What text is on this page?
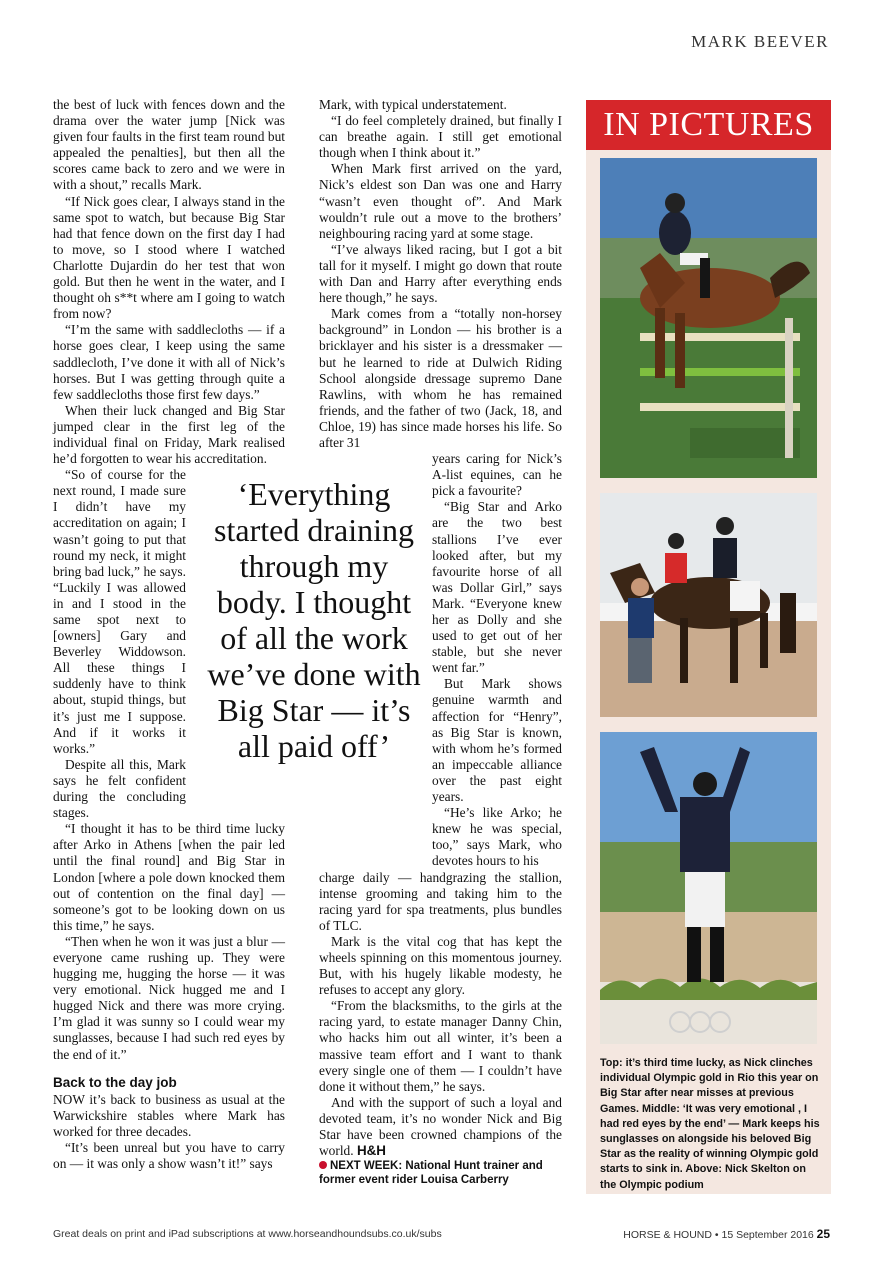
MARK BEEVER

the best of luck with fences down and the drama over the water jump [Nick was given four faults in the first team round but appealed the penalties], but then all the scores came back to zero and we were in with a shout,” recalls Mark.

“If Nick goes clear, I always stand in the same spot to watch, but because Big Star had that fence down on the first day I had to move, so I stood where I watched Charlotte Dujardin do her test that won gold. But then he went in the water, and I thought oh s**t where am I going to watch from now?

“I’m the same with saddlecloths — if a horse goes clear, I keep using the same saddlecloth, I’ve done it with all of Nick’s horses. But I was getting through quite a few saddlecloths those first few days.”

When their luck changed and Big Star jumped clear in the first leg of the individual final on Friday, Mark realised he’d forgotten to wear his accreditation.

“So of course for the next round, I made sure I didn’t have my accreditation on again; I wasn’t going to put that round my neck, it might bring bad luck,” he says. “Luckily I was allowed in and I stood in the same spot next to [owners] Gary and Beverley Widdowson. All these things I suddenly have to think about, stupid things, but it’s just me I suppose. And if it works it works.”

Despite all this, Mark says he felt confident during the concluding stages.

“I thought it has to be third time lucky after Arko in Athens [when the pair led until the final round] and Big Star in London [where a pole down knocked them out of contention on the final day] — someone’s got to be looking down on us this time,” he says.

“Then when he won it was just a blur — everyone came rushing up. They were hugging me, hugging the horse — it was very emotional. Nick hugged me and I hugged Nick and there was more crying. I’m glad it was sunny so I could wear my sunglasses, because I had such red eyes by the end of it.”

Back to the day job

NOW it’s back to business as usual at the Warwickshire stables where Mark has worked for three decades.

“It’s been unreal but you have to carry on — it was only a show wasn’t it!” says

‘Everything started draining through my body. I thought of all the work we’ve done with Big Star — it’s all paid off’

Mark, with typical understatement.

“I do feel completely drained, but finally I can breathe again. I still get emotional though when I think about it.”

When Mark first arrived on the yard, Nick’s eldest son Dan was one and Harry “wasn’t even thought of”. And Mark wouldn’t rule out a move to the brothers’ neighbouring racing yard at some stage.

“I’ve always liked racing, but I got a bit tall for it myself. I might go down that route with Dan and Harry after everything ends here though,” he says.

Mark comes from a “totally non-horsey background” in London — his brother is a bricklayer and his sister is a dressmaker — but he learned to ride at Dulwich Riding School alongside dressage supremo Dane Rawlins, with whom he has remained friends, and the father of two (Jack, 18, and Chloe, 19) has since made horses his life. So after 31

years caring for Nick’s A-list equines, can he pick a favourite?

“Big Star and Arko are the two best stallions I’ve ever looked after, but my favourite horse of all was Dollar Girl,” says Mark. “Everyone knew her as Dolly and she used to get out of her stable, but she never went far.”

But Mark shows genuine warmth and affection for “Henry”, as Big Star is known, with whom he’s formed an impeccable alliance over the past eight years.

“He’s like Arko; he knew he was special, too,” says Mark, who devotes hours to his

charge daily — handgrazing the stallion, intense grooming and taking him to the racing yard for spa treatments, plus bundles of TLC.

Mark is the vital cog that has kept the wheels spinning on this momentous journey. But, with his hugely likable modesty, he refuses to accept any glory.

“From the blacksmiths, to the girls at the racing yard, to estate manager Danny Chin, who hacks him out all winter, it’s been a massive team effort and I want to thank every single one of them — I couldn’t have done it without them,” he says.

And with the support of such a loyal and devoted team, it’s no wonder Nick and Big Star have been crowned champions of the world. H&H

NEXT WEEK: National Hunt trainer and former event rider Louisa Carberry

IN PICTURES
Top: it’s third time lucky, as Nick clinches individual Olympic gold in Rio this year on Big Star after near misses at previous Games. Middle: ‘It was very emotional , I had red eyes by the end’ — Mark keeps his sunglasses on alongside his beloved Big Star as the reality of winning Olympic gold starts to sink in. Above: Nick Skelton on the Olympic podium
Great deals on print and iPad subscriptions at www.horseandhoundsubs.co.uk/subs	HORSE & HOUND • 15 September 2016 25
